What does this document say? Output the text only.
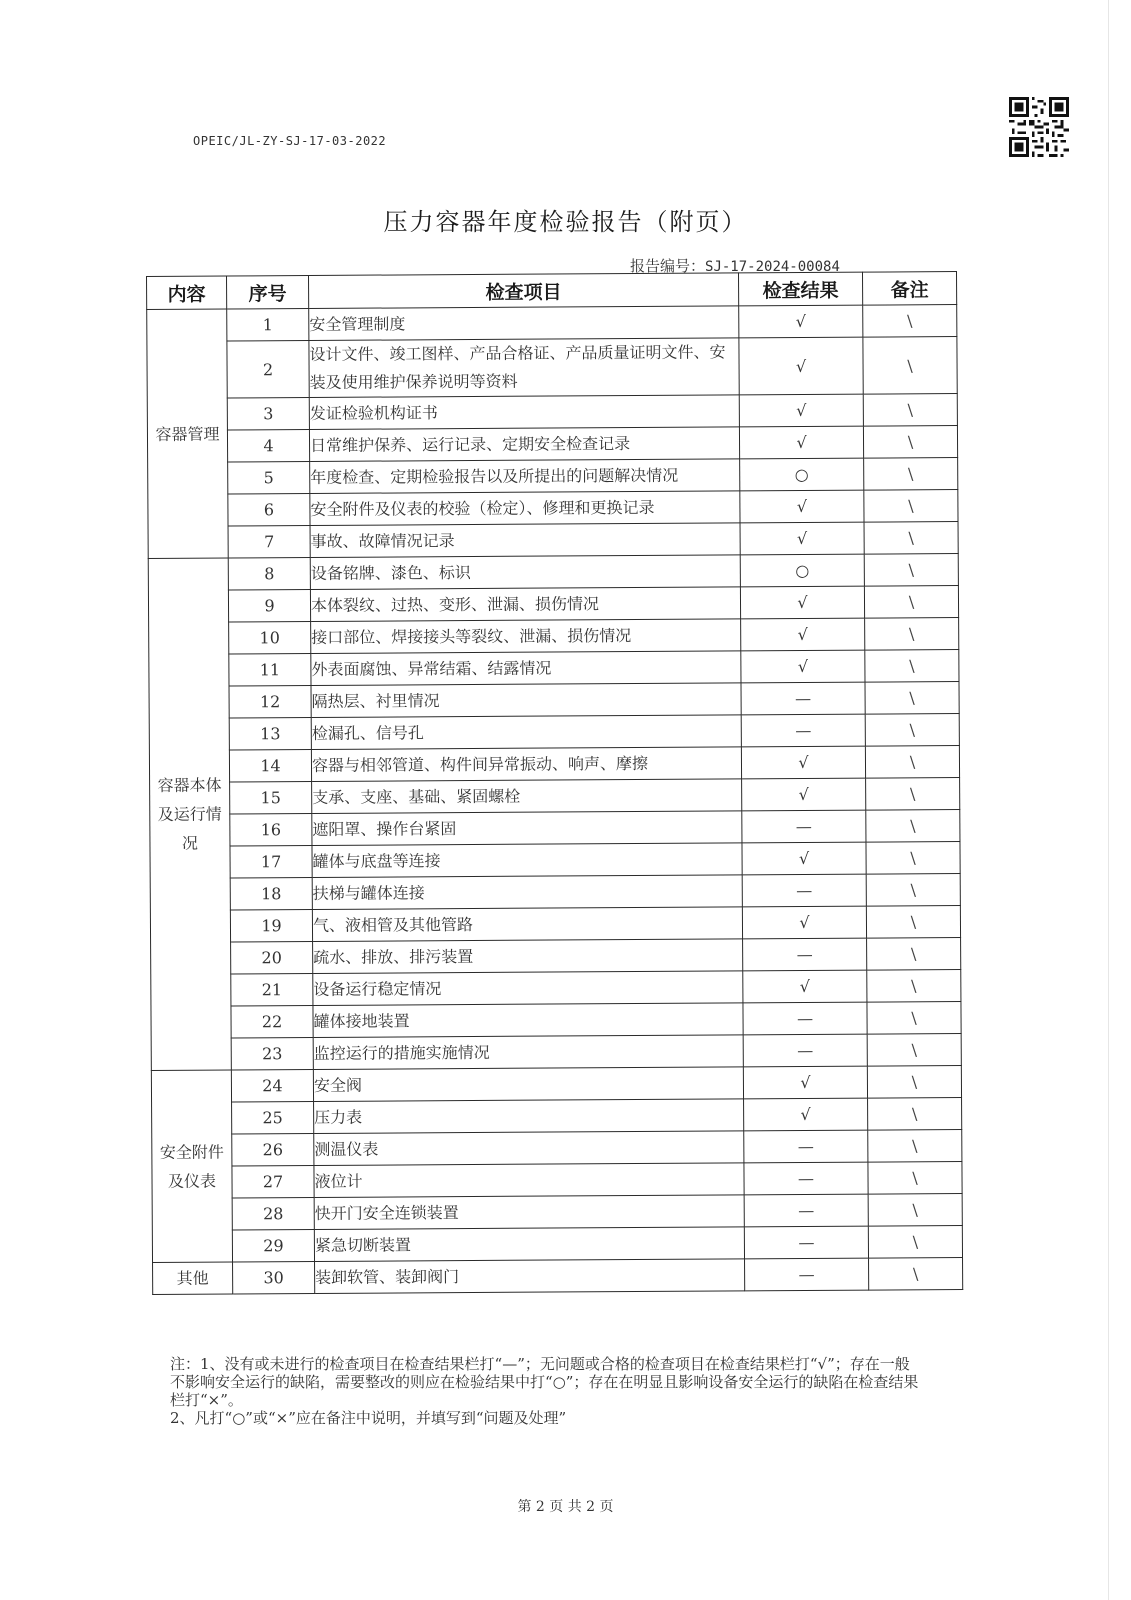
OPEIC/JL-ZY-SJ-17-03-2022
压力容器年度检验报告（附页）
报告编号：SJ-17-2024-00084
内容	序号	检查项目	检查结果	备注
容器管理	1	安全管理制度	√	\
	2	设计文件、竣工图样、产品合格证、产品质量证明文件、安装及使用维护保养说明等资料	√	\
	3	发证检验机构证书	√	\
	4	日常维护保养、运行记录、定期安全检查记录	√	\
	5	年度检查、定期检验报告以及所提出的问题解决情况	○	\
	6	安全附件及仪表的校验（检定）、修理和更换记录	√	\
	7	事故、故障情况记录	√	\
容器本体及运行情况	8	设备铭牌、漆色、标识	○	\
	9	本体裂纹、过热、变形、泄漏、损伤情况	√	\
	10	接口部位、焊接接头等裂纹、泄漏、损伤情况	√	\
	11	外表面腐蚀、异常结霜、结露情况	√	\
	12	隔热层、衬里情况	—	\
	13	检漏孔、信号孔	—	\
	14	容器与相邻管道、构件间异常振动、响声、摩擦	√	\
	15	支承、支座、基础、紧固螺栓	√	\
	16	遮阳罩、操作台紧固	—	\
	17	罐体与底盘等连接	√	\
	18	扶梯与罐体连接	—	\
	19	气、液相管及其他管路	√	\
	20	疏水、排放、排污装置	—	\
	21	设备运行稳定情况	√	\
	22	罐体接地装置	—	\
	23	监控运行的措施实施情况	—	\
安全附件及仪表	24	安全阀	√	\
	25	压力表	√	\
	26	测温仪表	—	\
	27	液位计	—	\
	28	快开门安全连锁装置	—	\
	29	紧急切断装置	—	\
其他	30	装卸软管、装卸阀门	—	\

注：1、没有或未进行的检查项目在检查结果栏打“—”；无问题或合格的检查项目在检查结果栏打“√”；存在一般不影响安全运行的缺陷，需要整改的则应在检验结果中打“○”；存在在明显且影响设备安全运行的缺陷在检查结果栏打“×”。

2、凡打“○”或“×”应在备注中说明，并填写到“问题及处理”

第 2 页 共 2 页
